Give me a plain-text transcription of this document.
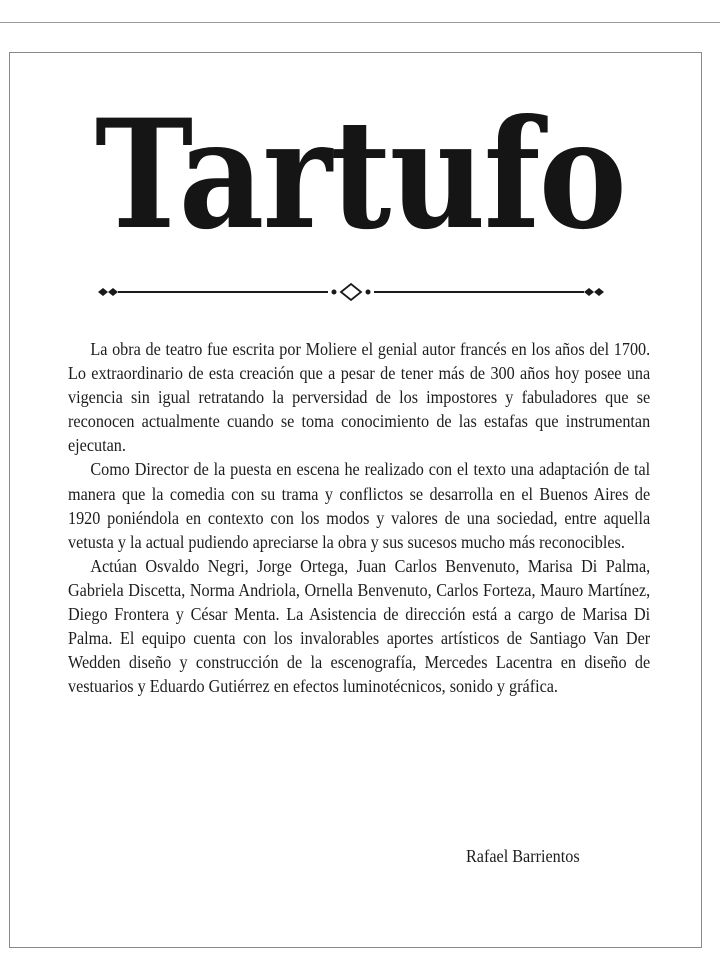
Tartufo

La obra de teatro fue escrita por Moliere el genial autor francés en los años del 1700. Lo extraordinario de esta creación que a pesar de tener más de 300 años hoy posee una vigencia sin igual retratando la perversidad de los impostores y fabuladores que se reconocen actualmente cuando se toma conocimiento de las estafas que instrumentan ejecutan.

Como Director de la puesta en escena he realizado con el texto una adaptación de tal manera que la comedia con su trama y conflictos se desarrolla en el Buenos Aires de 1920 poniéndola en contexto con los modos y valores de una sociedad, entre aquella vetusta y la actual pudiendo apreciarse la obra y sus sucesos mucho más reconocibles.

Actúan Osvaldo Negri, Jorge Ortega, Juan Carlos Benvenuto, Marisa Di Palma, Gabriela Discetta, Norma Andriola, Ornella Benvenuto, Carlos Forteza, Mauro Martínez, Diego Frontera y César Menta. La Asistencia de dirección está a cargo de Marisa Di Palma. El equipo cuenta con los invalorables aportes artísticos de Santiago Van Der Wedden diseño y construcción de la escenografía, Mercedes Lacentra en diseño de vestuarios y Eduardo Gutiérrez en efectos luminotécnicos, sonido y gráfica.

Rafael Barrientos
